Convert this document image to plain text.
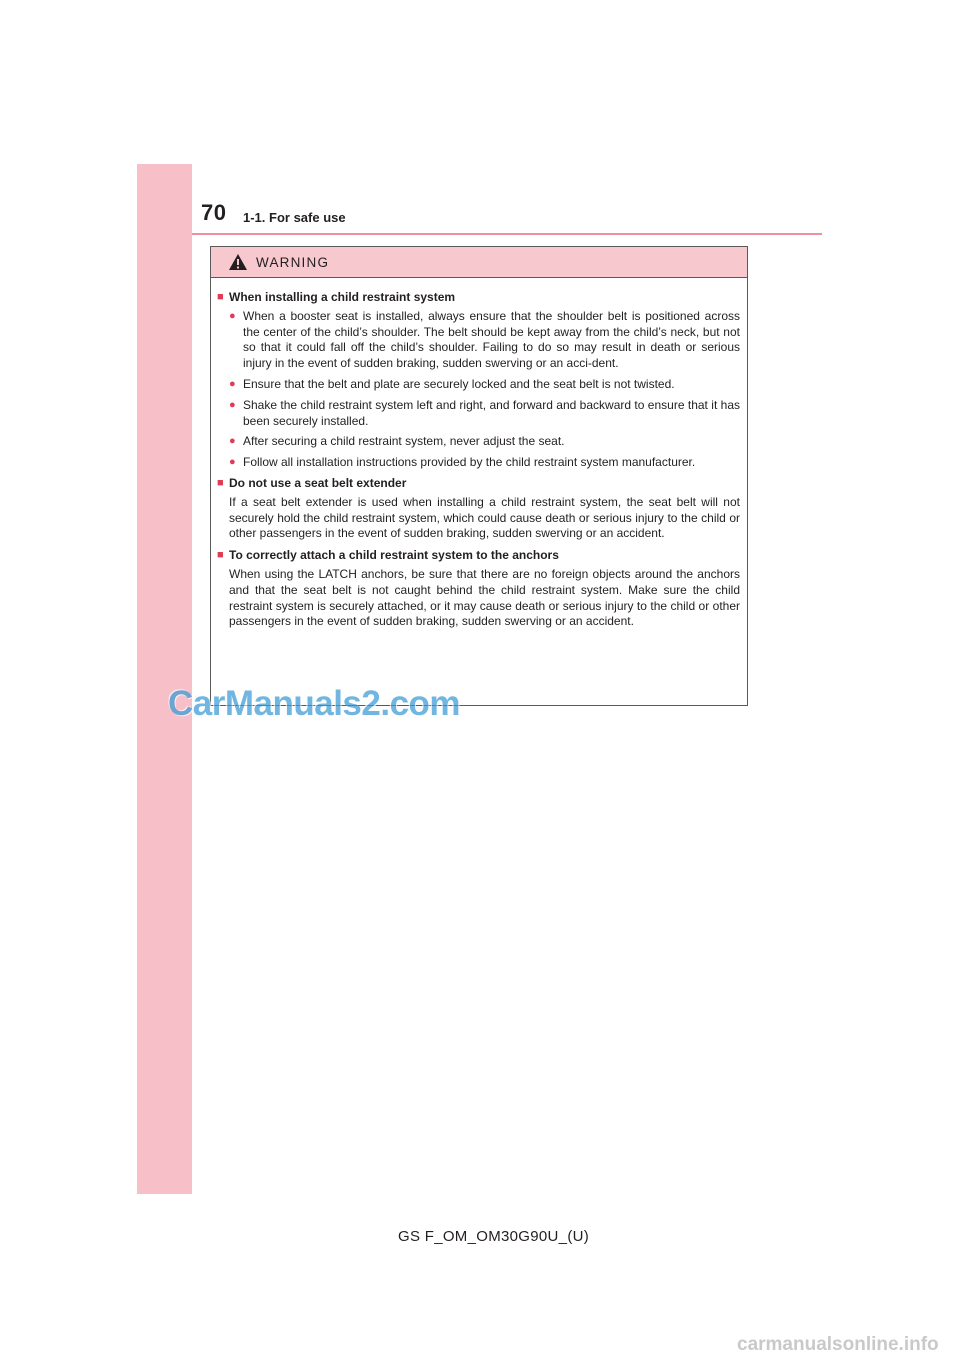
70 1-1. For safe use
WARNING
■ When installing a child restraint system
● When a booster seat is installed, always ensure that the shoulder belt is positioned across the center of the child’s shoulder. The belt should be kept away from the child’s neck, but not so that it could fall off the child’s shoulder. Failing to do so may result in death or serious injury in the event of sudden braking, sudden swerving or an acci-dent.
● Ensure that the belt and plate are securely locked and the seat belt is not twisted.
● Shake the child restraint system left and right, and forward and backward to ensure that it has been securely installed.
● After securing a child restraint system, never adjust the seat.
● Follow all installation instructions provided by the child restraint system manufacturer.
■ Do not use a seat belt extender
If a seat belt extender is used when installing a child restraint system, the seat belt will not securely hold the child restraint system, which could cause death or serious injury to the child or other passengers in the event of sudden braking, sudden swerving or an accident.
■ To correctly attach a child restraint system to the anchors
When using the LATCH anchors, be sure that there are no foreign objects around the anchors and that the seat belt is not caught behind the child restraint system. Make sure the child restraint system is securely attached, or it may cause death or serious injury to the child or other passengers in the event of sudden braking, sudden swerving or an accident.
CarManuals2.com
GS F_OM_OM30G90U_(U)
carmanualsonline.info
